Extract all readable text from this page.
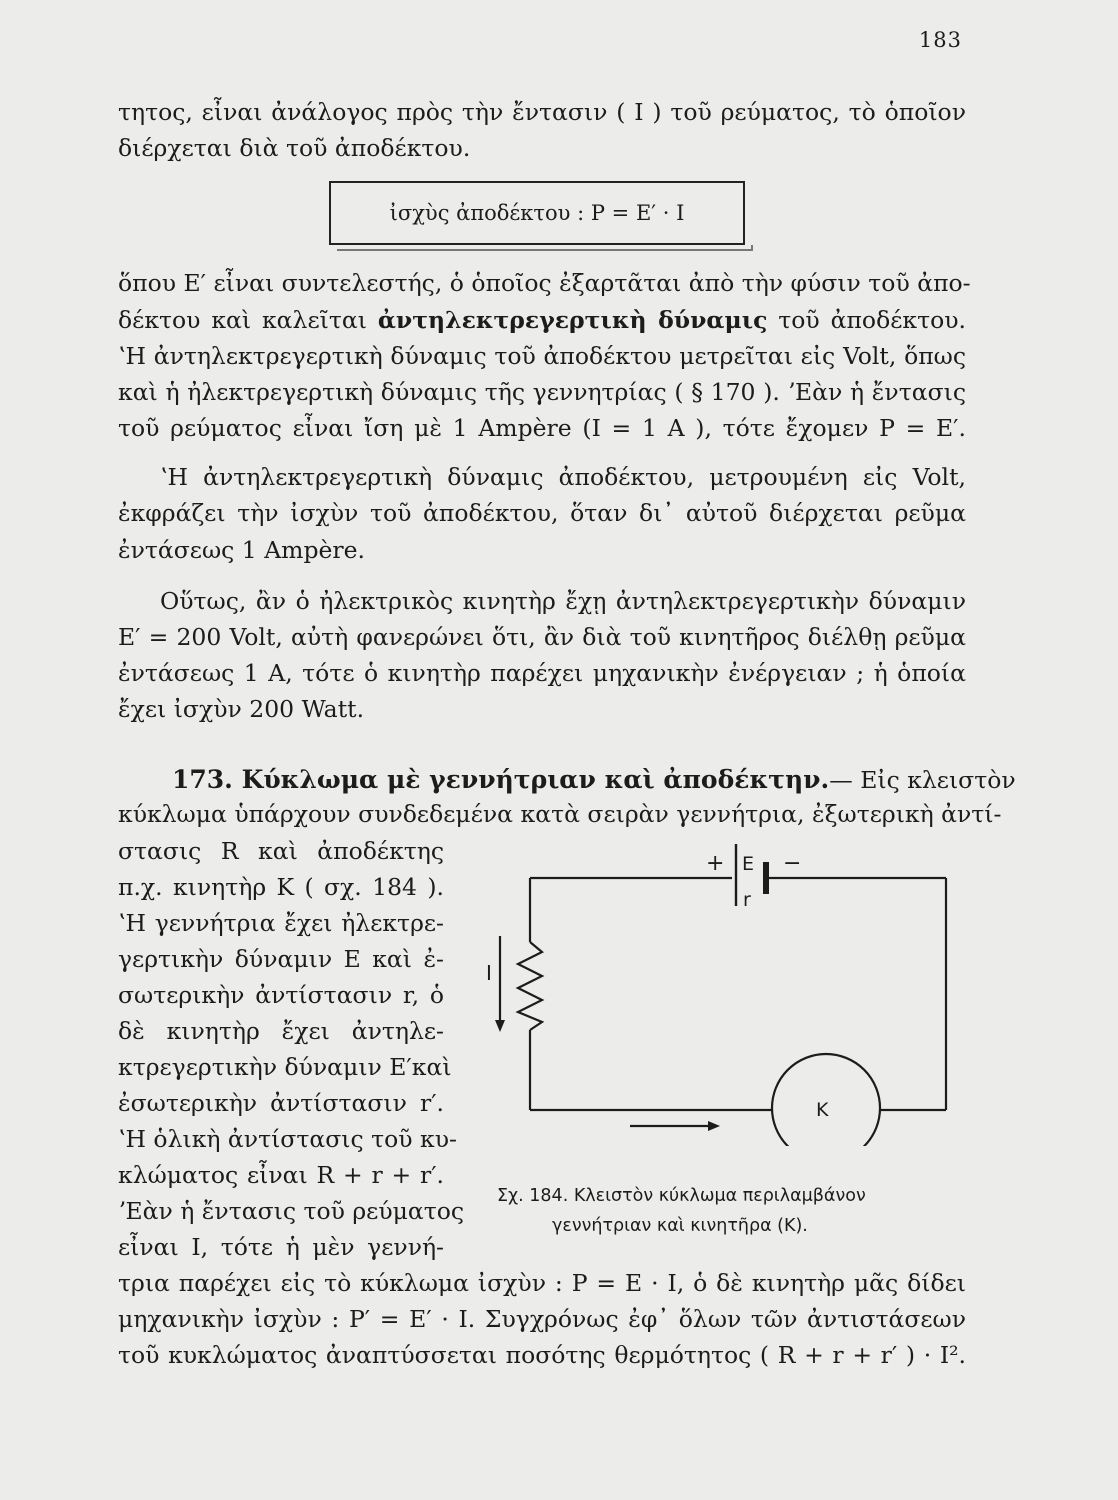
183
τητος, εἶναι ἀνάλογος πρὸς τὴν ἔντασιν ( I ) τοῦ ρεύματος, τὸ ὁποῖον
διέρχεται διὰ τοῦ ἀποδέκτου.
ἰσχὺς ἀποδέκτου : P = E′ · I
ὅπου E′ εἶναι συντελεστής, ὁ ὁποῖος ἐξαρτᾶται ἀπὸ τὴν φύσιν τοῦ ἀπο-
δέκτου καὶ καλεῖται ἀντηλεκτρεγερτικὴ δύναμις τοῦ ἀποδέκτου.
ʽΗ ἀντηλεκτρεγερτικὴ δύναμις τοῦ ἀποδέκτου μετρεῖται εἰς Volt, ὅπως
καὶ ἡ ἠλεκτρεγερτικὴ δύναμις τῆς γεννητρίας ( § 170 ). ʼΕὰν ἡ ἔντασις
τοῦ ρεύματος εἶναι ἴση μὲ 1 Ampère (I = 1 A ), τότε ἔχομεν P = E′.
ʽΗ ἀντηλεκτρεγερτικὴ δύναμις ἀποδέκτου, μετρουμένη εἰς Volt,
ἐκφράζει τὴν ἰσχὺν τοῦ ἀποδέκτου, ὅταν δι᾽ αὐτοῦ διέρχεται ρεῦμα
ἐντάσεως 1 Ampère.
Οὕτως, ἂν ὁ ἠλεκτρικὸς κινητὴρ ἔχῃ ἀντηλεκτρεγερτικὴν δύναμιν
E′ = 200 Volt, αὐτὴ φανερώνει ὅτι, ἂν διὰ τοῦ κινητῆρος διέλθῃ ρεῦμα
ἐντάσεως 1 A, τότε ὁ κινητὴρ παρέχει μηχανικὴν ἐνέργειαν ; ἡ ὁποία
ἔχει ἰσχὺν 200 Watt.
173. Κύκλωμα μὲ γεννήτριαν καὶ ἀποδέκτην.— Εἰς κλειστὸν
κύκλωμα ὑπάρχουν συνδεδεμένα κατὰ σειρὰν γεννήτρια, ἐξωτερικὴ ἀντί-
στασις R καὶ ἀποδέκτης
π.χ. κινητὴρ K ( σχ. 184 ).
ʽΗ γεννήτρια ἔχει ἠλεκτρε-
γερτικὴν δύναμιν E καὶ ἐ-
σωτερικὴν ἀντίστασιν r, ὁ
δὲ κινητὴρ ἔχει ἀντηλε-
κτρεγερτικὴν δύναμιν E′καὶ
ἐσωτερικὴν ἀντίστασιν r′.
ʽΗ ὁλικὴ ἀντίστασις τοῦ κυ-
κλώματος εἶναι R + r + r′.
ʼΕὰν ἡ ἔντασις τοῦ ρεύματος
εἶναι I, τότε ἡ μὲν γεννή-
+	−
E
r
I
K
Σχ. 184. Κλειστὸν κύκλωμα περιλαμβάνον
γεννήτριαν καὶ κινητῆρα (K).
τρια παρέχει εἰς τὸ κύκλωμα ἰσχὺν : P = E · I, ὁ δὲ κινητὴρ μᾶς δίδει
μηχανικὴν ἰσχὺν : P′ = E′ · I. Συγχρόνως ἐφ᾽ ὅλων τῶν ἀντιστάσεων
τοῦ κυκλώματος ἀναπτύσσεται ποσότης θερμότητος ( R + r + r′ ) · I².
